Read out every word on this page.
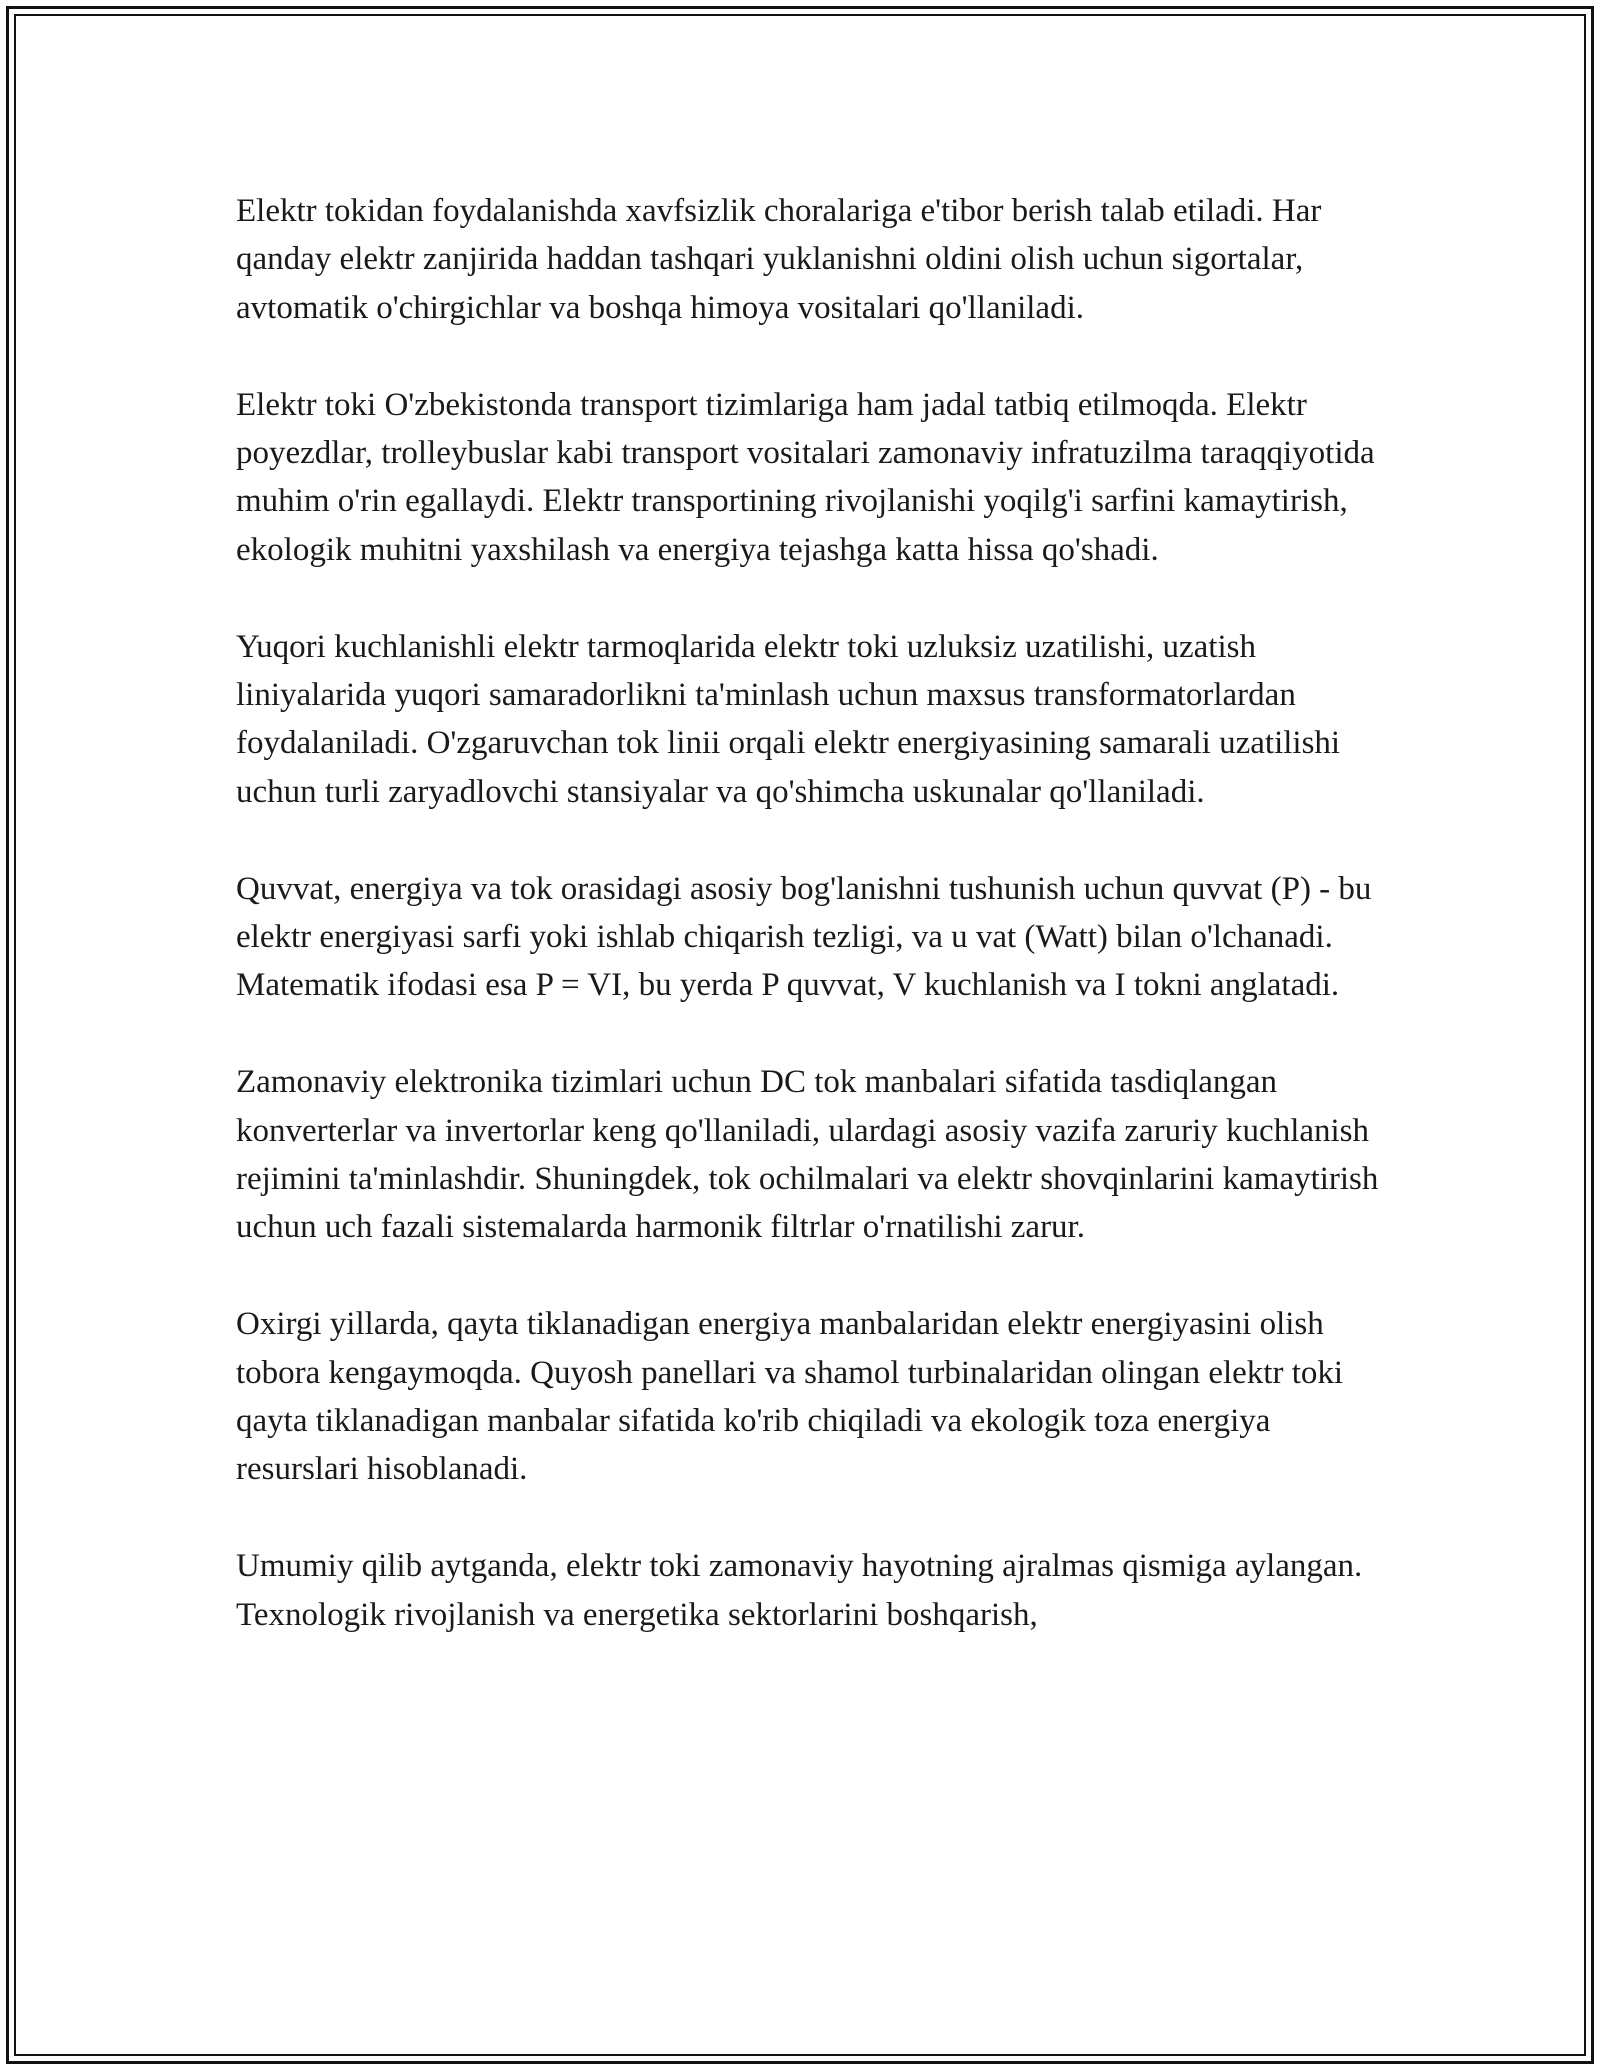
Elektr tokidan foydalanishda xavfsizlik choralariga e'tibor berish talab etiladi. Har qanday elektr zanjirida haddan tashqari yuklanishni oldini olish uchun sigortalar, avtomatik o'chirgichlar va boshqa himoya vositalari qo'llaniladi.

Elektr toki O'zbekistonda transport tizimlariga ham jadal tatbiq etilmoqda. Elektr poyezdlar, trolleybuslar kabi transport vositalari zamonaviy infratuzilma taraqqiyotida muhim o'rin egallaydi. Elektr transportining rivojlanishi yoqilg'i sarfini kamaytirish, ekologik muhitni yaxshilash va energiya tejashga katta hissa qo'shadi.

Yuqori kuchlanishli elektr tarmoqlarida elektr toki uzluksiz uzatilishi, uzatish liniyalarida yuqori samaradorlikni ta'minlash uchun maxsus transformatorlardan foydalaniladi. O'zgaruvchan tok linii orqali elektr energiyasining samarali uzatilishi uchun turli zaryadlovchi stansiyalar va qo'shimcha uskunalar qo'llaniladi.

Quvvat, energiya va tok orasidagi asosiy bog'lanishni tushunish uchun quvvat (P) - bu elektr energiyasi sarfi yoki ishlab chiqarish tezligi, va u vat (Watt) bilan o'lchanadi. Matematik ifodasi esa P = VI, bu yerda P quvvat, V kuchlanish va I tokni anglatadi.

Zamonaviy elektronika tizimlari uchun DC tok manbalari sifatida tasdiqlangan konverterlar va invertorlar keng qo'llaniladi, ulardagi asosiy vazifa zaruriy kuchlanish rejimini ta'minlashdir. Shuningdek, tok ochilmalari va elektr shovqinlarini kamaytirish uchun uch fazali sistemalarda harmonik filtrlar o'rnatilishi zarur.

Oxirgi yillarda, qayta tiklanadigan energiya manbalaridan elektr energiyasini olish tobora kengaymoqda. Quyosh panellari va shamol turbinalaridan olingan elektr toki qayta tiklanadigan manbalar sifatida ko'rib chiqiladi va ekologik toza energiya resurslari hisoblanadi.

Umumiy qilib aytganda, elektr toki zamonaviy hayotning ajralmas qismiga aylangan. Texnologik rivojlanish va energetika sektorlarini boshqarish,
